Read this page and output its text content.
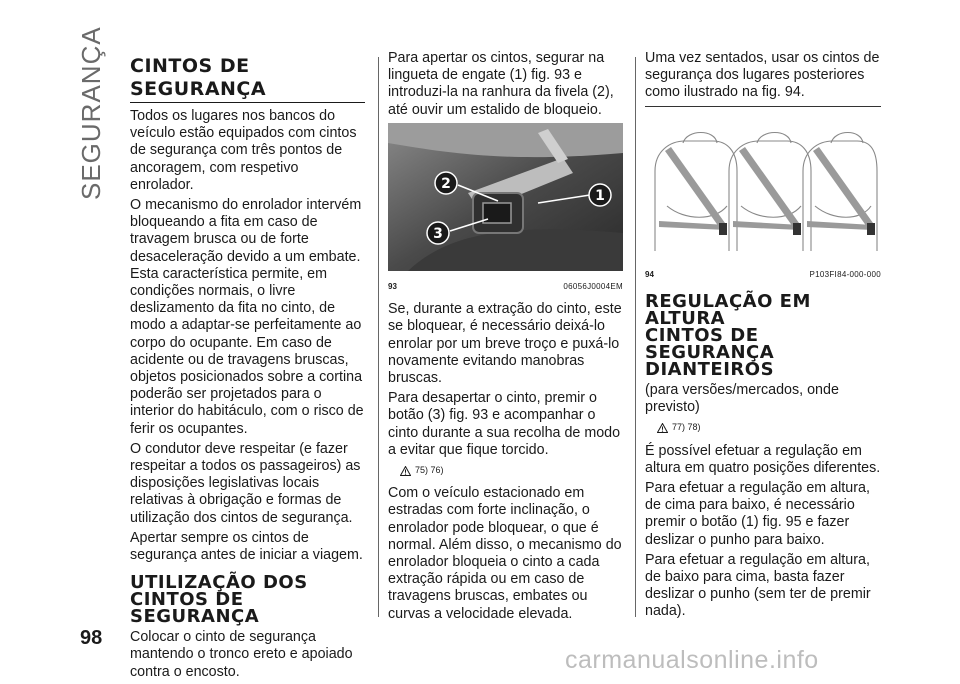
SEGURANÇA
98
CINTOS DE
SEGURANÇA

Todos os lugares nos bancos do veículo estão equipados com cintos de segurança com três pontos de ancoragem, com respetivo enrolador.

O mecanismo do enrolador intervém bloqueando a fita em caso de travagem brusca ou de forte desaceleração devido a um embate. Esta característica permite, em condições normais, o livre deslizamento da fita no cinto, de modo a adaptar-se perfeitamente ao corpo do ocupante. Em caso de acidente ou de travagens bruscas, objetos posicionados sobre a cortina poderão ser projetados para o interior do habitáculo, com o risco de ferir os ocupantes.

O condutor deve respeitar (e fazer respeitar a todos os passageiros) as disposições legislativas locais relativas à obrigação e formas de utilização dos cintos de segurança.

Apertar sempre os cintos de segurança antes de iniciar a viagem.

UTILIZAÇÃO DOS
CINTOS DE SEGURANÇA

Colocar o cinto de segurança mantendo o tronco ereto e apoiado contra o encosto.

Para apertar os cintos, segurar na lingueta de engate (1) fig. 93 e introduzi-la na ranhura da fivela (2), até ouvir um estalido de bloqueio.

2
1
3
93	06056J0004EM

Se, durante a extração do cinto, este se bloquear, é necessário deixá-lo enrolar por um breve troço e puxá-lo novamente evitando manobras bruscas.

Para desapertar o cinto, premir o botão (3) fig. 93 e acompanhar o cinto durante a sua recolha de modo a evitar que fique torcido.

75) 76)

Com o veículo estacionado em estradas com forte inclinação, o enrolador pode bloquear, o que é normal. Além disso, o mecanismo do enrolador bloqueia o cinto a cada extração rápida ou em caso de travagens bruscas, embates ou curvas a velocidade elevada.

Uma vez sentados, usar os cintos de segurança dos lugares posteriores como ilustrado na fig. 94.

94	P103FI84-000-000
REGULAÇÃO EM ALTURA
CINTOS DE SEGURANÇA
DIANTEIROS

(para versões/mercados, onde previsto)

77) 78)

É possível efetuar a regulação em altura em quatro posições diferentes.

Para efetuar a regulação em altura, de cima para baixo, é necessário premir o botão (1) fig. 95 e fazer deslizar o punho para baixo.

Para efetuar a regulação em altura, de baixo para cima, basta fazer deslizar o punho (sem ter de premir nada).

carmanualsonline.info
